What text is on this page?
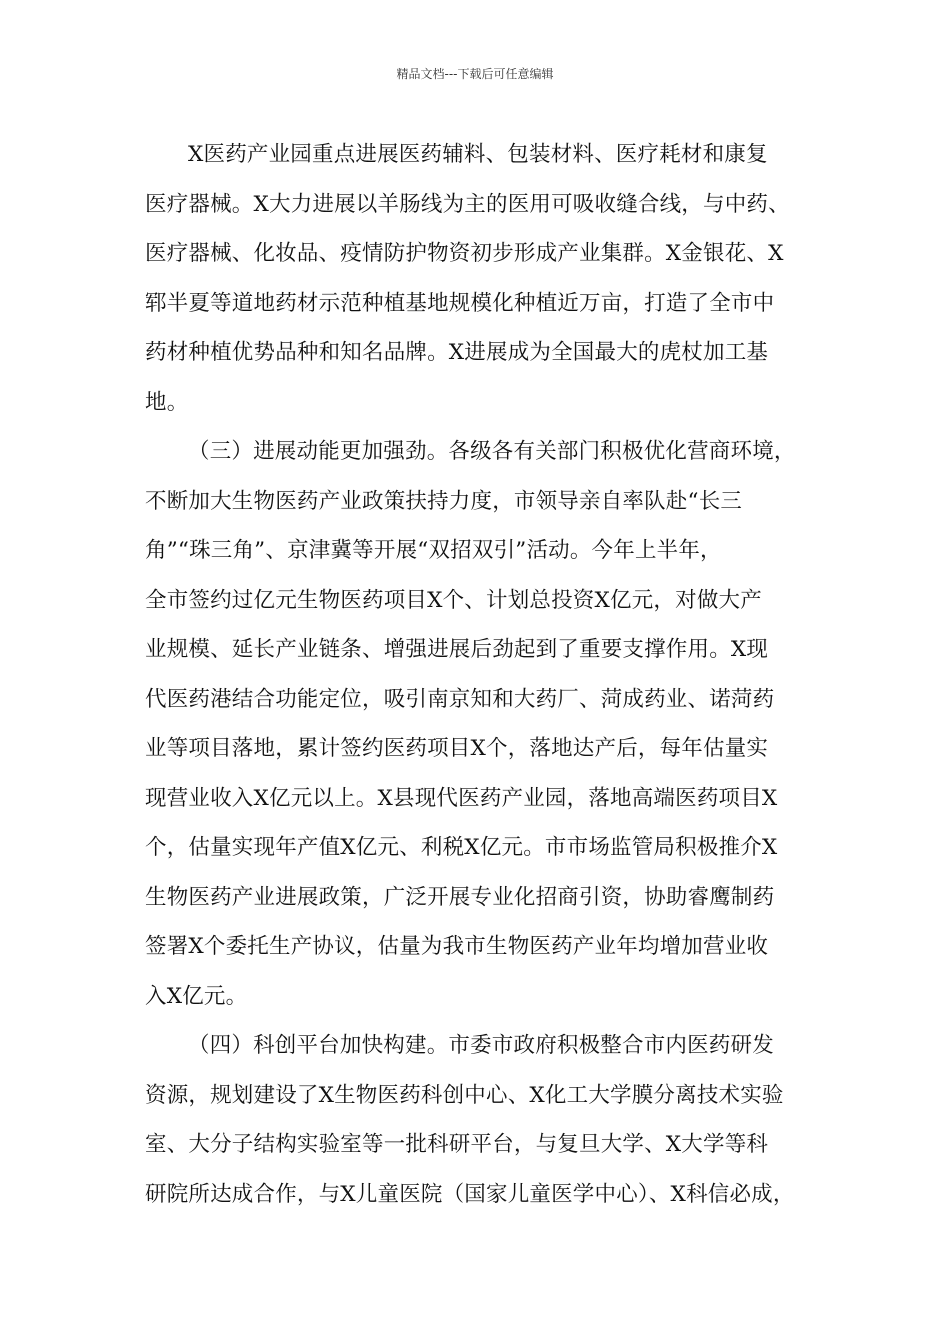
精品文档---下载后可任意编辑
X医药产业园重点进展医药辅料、包装材料、医疗耗材和康复
医疗器械。X大力进展以羊肠线为主的医用可吸收缝合线，与中药、
医疗器械、化妆品、疫情防护物资初步形成产业集群。X金银花、X
郓半夏等道地药材示范种植基地规模化种植近万亩，打造了全市中
药材种植优势品种和知名品牌。X进展成为全国最大的虎杖加工基
地。
（三）进展动能更加强劲。各级各有关部门积极优化营商环境，
不断加大生物医药产业政策扶持力度，市领导亲自率队赴“长三
角”“珠三角”、京津冀等开展“双招双引”活动。今年上半年，
全市签约过亿元生物医药项目X个、计划总投资X亿元，对做大产
业规模、延长产业链条、增强进展后劲起到了重要支撑作用。X现
代医药港结合功能定位，吸引南京知和大药厂、菏成药业、诺菏药
业等项目落地，累计签约医药项目X个，落地达产后，每年估量实
现营业收入X亿元以上。X县现代医药产业园，落地高端医药项目X
个，估量实现年产值X亿元、利税X亿元。市市场监管局积极推介X
生物医药产业进展政策，广泛开展专业化招商引资，协助睿鹰制药
签署X个委托生产协议，估量为我市生物医药产业年均增加营业收
入X亿元。
（四）科创平台加快构建。市委市政府积极整合市内医药研发
资源，规划建设了X生物医药科创中心、X化工大学膜分离技术实验
室、大分子结构实验室等一批科研平台，与复旦大学、X大学等科
研院所达成合作，与X儿童医院（国家儿童医学中心）、X科信必成，
